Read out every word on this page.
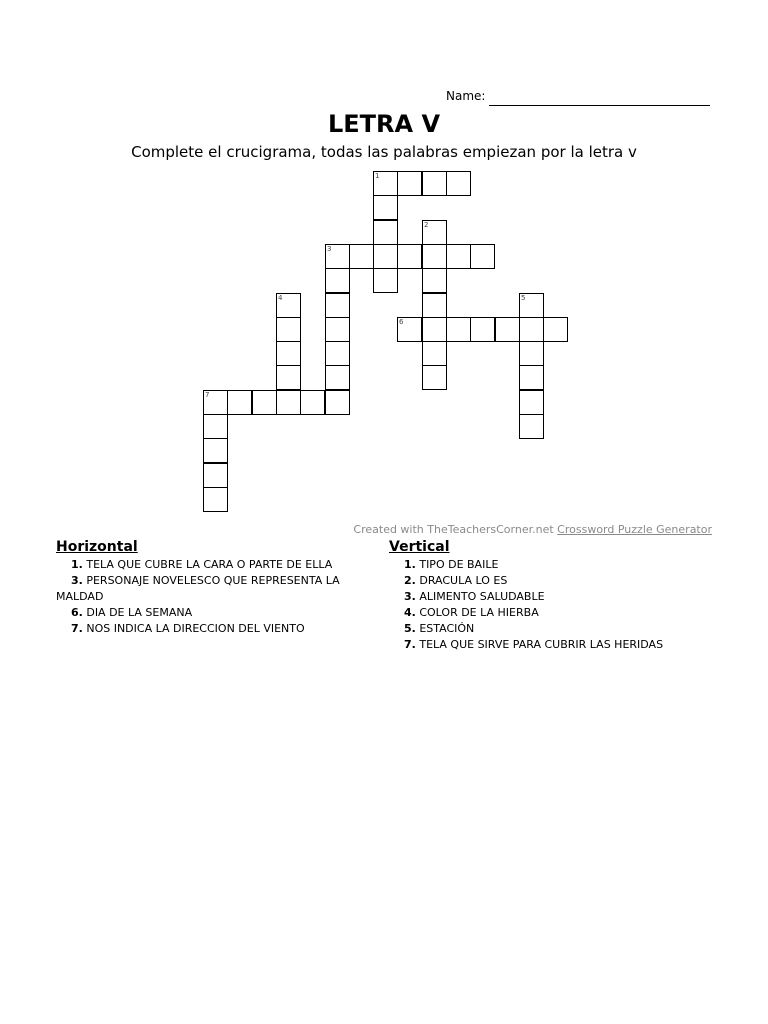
Name:
LETRA V
Complete el crucigrama, todas las palabras empiezan por la letra v
1
2
3
4	5
6
7
Created with TheTeachersCorner.net Crossword Puzzle Generator
Horizontal
1. TELA QUE CUBRE LA CARA O PARTE DE ELLA
3. PERSONAJE NOVELESCO QUE REPRESENTA LA
MALDAD
6. DIA DE LA SEMANA
7. NOS INDICA LA DIRECCION DEL VIENTO
Vertical
1. TIPO DE BAILE
2. DRACULA LO ES
3. ALIMENTO SALUDABLE
4. COLOR DE LA HIERBA
5. ESTACIÓN
7. TELA QUE SIRVE PARA CUBRIR LAS HERIDAS
